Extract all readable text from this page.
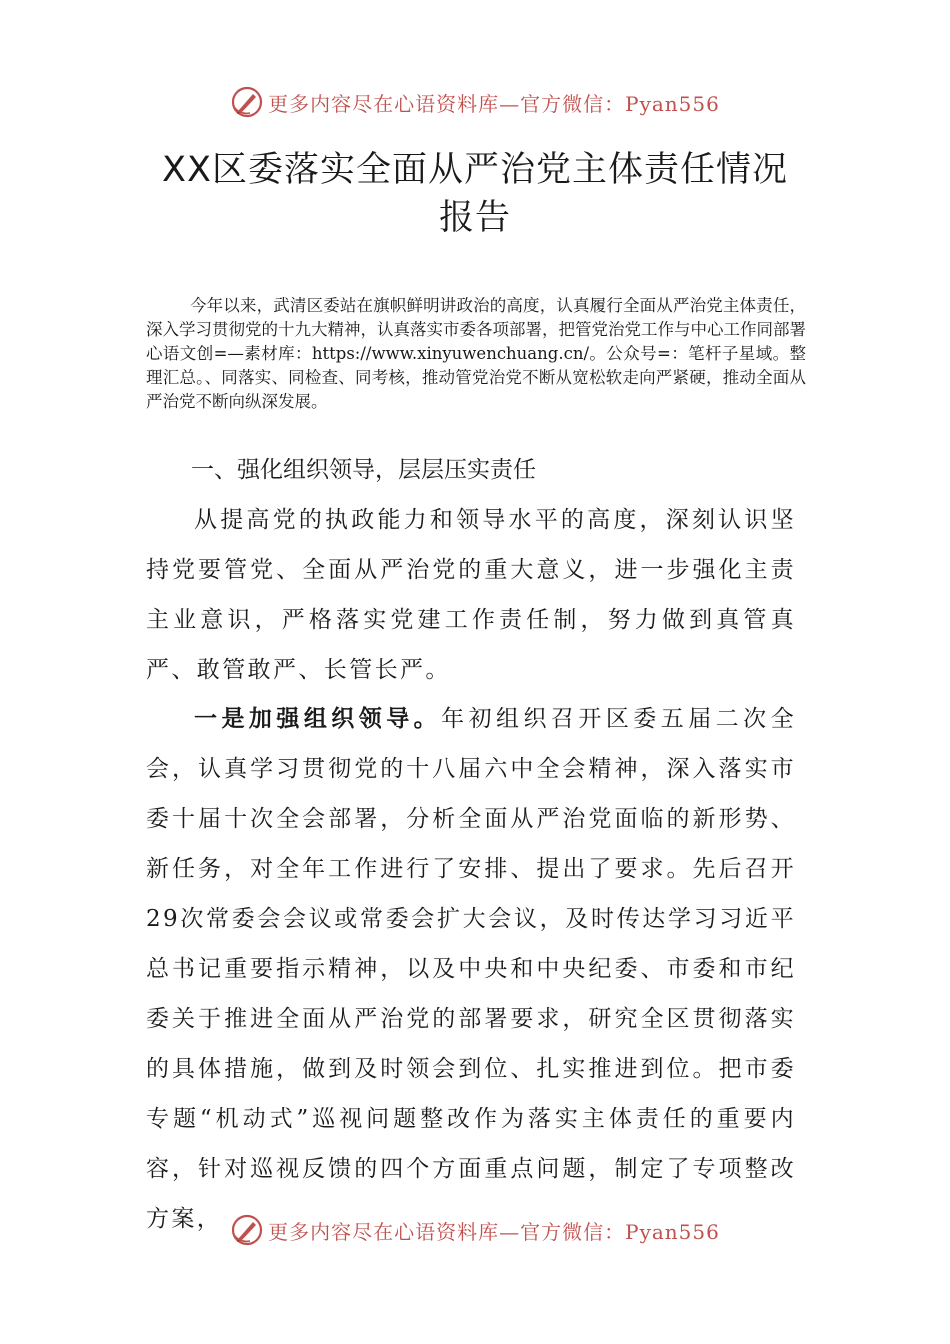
更多内容尽在心语资料库—官方微信：Pyan556
XX区委落实全面从严治党主体责任情况报告

今年以来，武清区委站在旗帜鲜明讲政治的高度，认真履行全面从严治党主体责任，深入学习贯彻党的十九大精神，认真落实市委各项部署，把管党治党工作与中心工作同部署心语文创=—素材库：https://www.xinyuwenchuang.cn/。公众号=：笔杆子星域。整理汇总。、同落实、同检查、同考核，推动管党治党不断从宽松软走向严紧硬，推动全面从严治党不断向纵深发展。

一、强化组织领导，层层压实责任

从提高党的执政能力和领导水平的高度，深刻认识坚持党要管党、全面从严治党的重大意义，进一步强化主责主业意识，严格落实党建工作责任制，努力做到真管真严、敢管敢严、长管长严。

一是加强组织领导。年初组织召开区委五届二次全会，认真学习贯彻党的十八届六中全会精神，深入落实市委十届十次全会部署，分析全面从严治党面临的新形势、新任务，对全年工作进行了安排、提出了要求。先后召开29次常委会会议或常委会扩大会议，及时传达学习习近平总书记重要指示精神，以及中央和中央纪委、市委和市纪委关于推进全面从严治党的部署要求，研究全区贯彻落实的具体措施，做到及时领会到位、扎实推进到位。把市委专题“机动式”巡视问题整改作为落实主体责任的重要内容，针对巡视反馈的四个方面重点问题，制定了专项整改方案，	更多内容尽在心语资料库—官方微信：Pyan556
